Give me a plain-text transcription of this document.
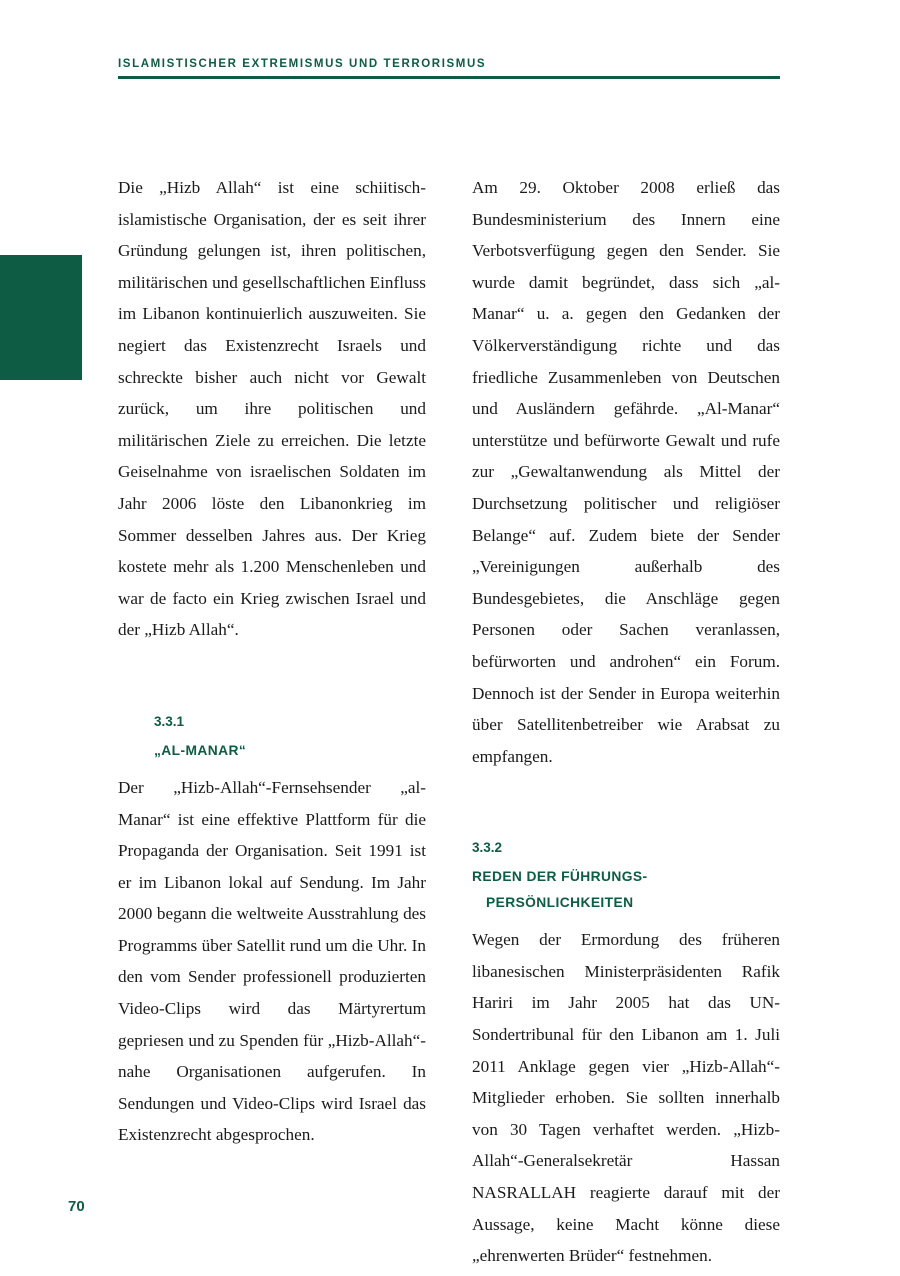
ISLAMISTISCHER EXTREMISMUS UND TERRORISMUS

Die „Hizb Allah“ ist eine schiitisch-islamistische Organisation, der es seit ihrer Gründung gelungen ist, ihren politischen, militärischen und gesellschaftlichen Einfluss im Libanon kontinuierlich auszuweiten. Sie negiert das Existenzrecht Israels und schreckte bisher auch nicht vor Gewalt zurück, um ihre politischen und militärischen Ziele zu erreichen. Die letzte Geiselnahme von israelischen Soldaten im Jahr 2006 löste den Libanonkrieg im Sommer desselben Jahres aus. Der Krieg kostete mehr als 1.200 Menschenleben und war de facto ein Krieg zwischen Israel und der „Hizb Allah“.

3.3.1
„AL-MANAR“

Der „Hizb-Allah“-Fernsehsender „al-Manar“ ist eine effektive Plattform für die Propaganda der Organisation. Seit 1991 ist er im Libanon lokal auf Sendung. Im Jahr 2000 begann die weltweite Ausstrahlung des Programms über Satellit rund um die Uhr. In den vom Sender professionell produzierten Video-Clips wird das Märtyrertum gepriesen und zu Spenden für „Hizb-Allah“-nahe Organisationen aufgerufen. In Sendungen und Video-Clips wird Israel das Existenzrecht abgesprochen.

Am 29. Oktober 2008 erließ das Bundesministerium des Innern eine Verbotsverfügung gegen den Sender. Sie wurde damit begründet, dass sich „al-Manar“ u. a. gegen den Gedanken der Völkerverständigung richte und das friedliche Zusammenleben von Deutschen und Ausländern gefährde. „Al-Manar“ unterstütze und befürworte Gewalt und rufe zur „Gewaltanwendung als Mittel der Durchsetzung politischer und religiöser Belange“ auf. Zudem biete der Sender „Vereinigungen außerhalb des Bundesgebietes, die Anschläge gegen Personen oder Sachen veranlassen, befürworten und androhen“ ein Forum. Dennoch ist der Sender in Europa weiterhin über Satellitenbetreiber wie Arabsat zu empfangen.

3.3.2
REDEN DER FÜHRUNGS-
PERSÖNLICHKEITEN

Wegen der Ermordung des früheren libanesischen Ministerpräsidenten Rafik Hariri im Jahr 2005 hat das UN-Sondertribunal für den Libanon am 1. Juli 2011 Anklage gegen vier „Hizb-Allah“-Mitglieder erhoben. Sie sollten innerhalb von 30 Tagen verhaftet werden. „Hizb-Allah“-Generalsekretär Hassan NASRALLAH reagierte darauf mit der Aussage, keine Macht könne diese „ehrenwerten Brüder“ festnehmen.

70
